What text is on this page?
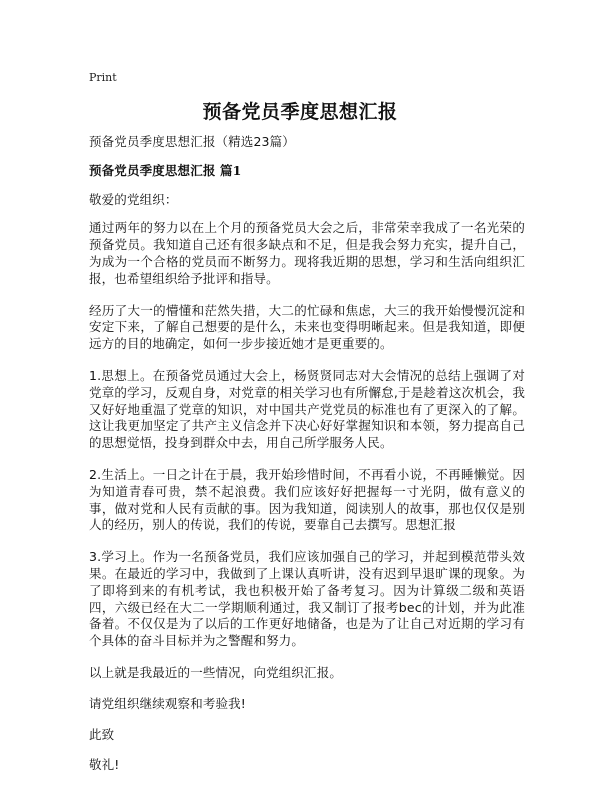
Print
预备党员季度思想汇报

预备党员季度思想汇报（精选23篇）

预备党员季度思想汇报 篇1

敬爱的党组织：

通过两年的努力以在上个月的预备党员大会之后，非常荣幸我成了一名光荣的预备党员。我知道自己还有很多缺点和不足，但是我会努力充实，提升自己，为成为一个合格的党员而不断努力。现将我近期的思想，学习和生活向组织汇报，也希望组织给予批评和指导。

经历了大一的懵懂和茫然失措，大二的忙碌和焦虑，大三的我开始慢慢沉淀和安定下来，了解自己想要的是什么，未来也变得明晰起来。但是我知道，即便远方的目的地确定，如何一步步接近她才是更重要的。

1.思想上。在预备党员通过大会上，杨贤贤同志对大会情况的总结上强调了对党章的学习，反观自身，对党章的相关学习也有所懈怠,于是趁着这次机会，我又好好地重温了党章的知识，对中国共产党党员的标准也有了更深入的了解。这让我更加坚定了共产主义信念并下决心好好掌握知识和本领，努力提高自己的思想觉悟，投身到群众中去，用自己所学服务人民。

2.生活上。一日之计在于晨，我开始珍惜时间，不再看小说，不再睡懒觉。因为知道青春可贵，禁不起浪费。我们应该好好把握每一寸光阴，做有意义的事，做对党和人民有贡献的事。因为我知道，阅读别人的故事，那也仅仅是别人的经历，别人的传说，我们的传说，要靠自己去撰写。思想汇报

3.学习上。作为一名预备党员，我们应该加强自己的学习，并起到模范带头效果。在最近的学习中，我做到了上课认真听讲，没有迟到早退旷课的现象。为了即将到来的有机考试，我也积极开始了备考复习。因为计算级二级和英语四，六级已经在大二一学期顺利通过，我又制订了报考bec的计划，并为此准备着。不仅仅是为了以后的工作更好地储备，也是为了让自己对近期的学习有个具体的奋斗目标并为之警醒和努力。

以上就是我最近的一些情况，向党组织汇报。

请党组织继续观察和考验我!

此致

敬礼!
